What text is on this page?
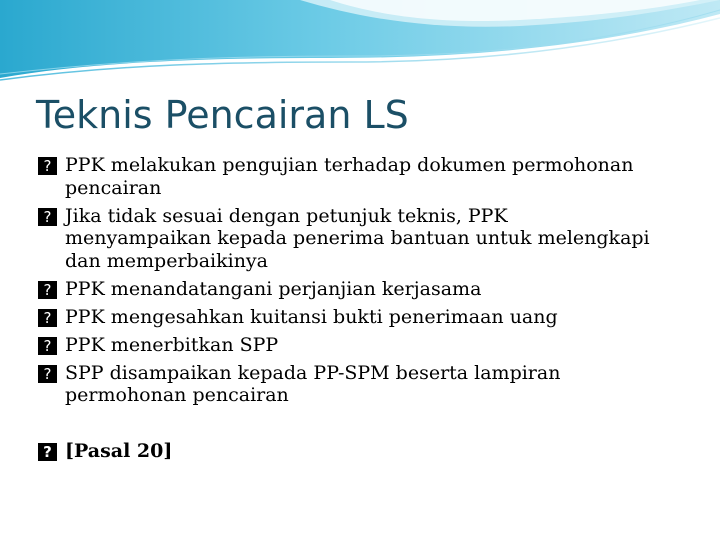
Teknis Pencairan LS
? PPK melakukan pengujian terhadap dokumen permohonan pencairan
? Jika tidak sesuai dengan petunjuk teknis, PPK menyampaikan kepada penerima bantuan untuk melengkapi dan memperbaikinya
? PPK menandatangani perjanjian kerjasama
? PPK mengesahkan kuitansi bukti penerimaan uang
? PPK menerbitkan SPP
? SPP disampaikan kepada PP-SPM beserta lampiran permohonan pencairan
? [Pasal 20]
